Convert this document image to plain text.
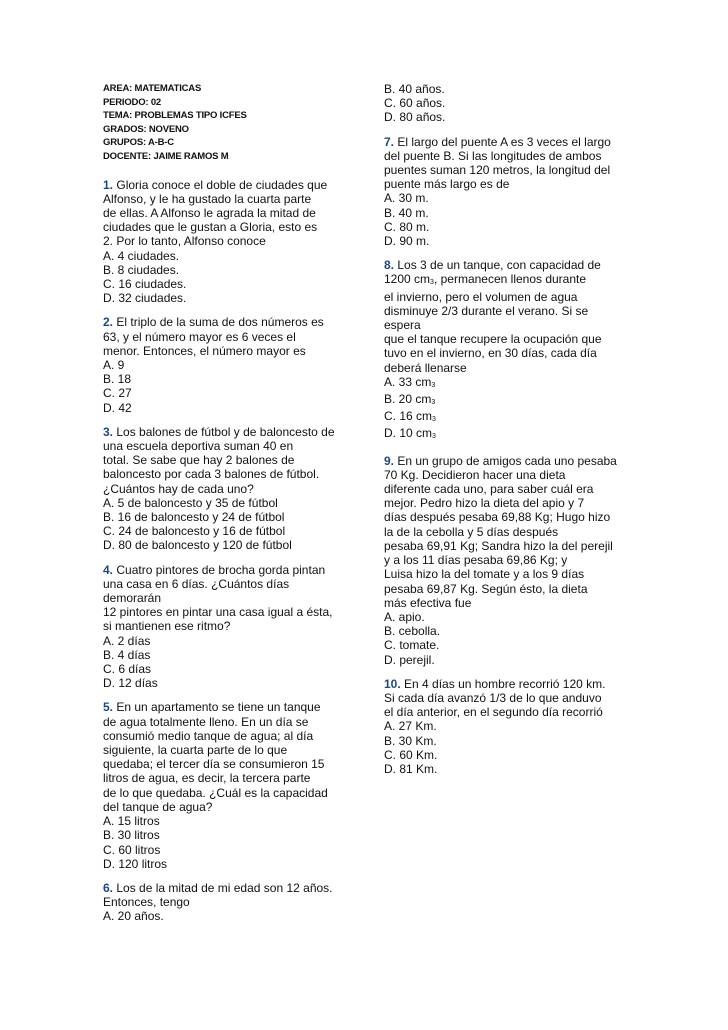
AREA: MATEMATICAS
PERIODO: 02
TEMA: PROBLEMAS TIPO ICFES
GRADOS: NOVENO
GRUPOS: A-B-C
DOCENTE: JAIME RAMOS M
1. Gloria conoce el doble de ciudades que
Alfonso, y le ha gustado la cuarta parte
de ellas. A Alfonso le agrada la mitad de
ciudades que le gustan a Gloria, esto es
2. Por lo tanto, Alfonso conoce
A. 4 ciudades.
B. 8 ciudades.
C. 16 ciudades.
D. 32 ciudades.
2. El triplo de la suma de dos números es
63, y el número mayor es 6 veces el
menor. Entonces, el número mayor es
A. 9
B. 18
C. 27
D. 42
3. Los balones de fútbol y de baloncesto de
una escuela deportiva suman 40 en
total. Se sabe que hay 2 balones de
baloncesto por cada 3 balones de fútbol.
¿Cuántos hay de cada uno?
A. 5 de baloncesto y 35 de fútbol
B. 16 de baloncesto y 24 de fútbol
C. 24 de baloncesto y 16 de fútbol
D. 80 de baloncesto y 120 de fútbol
4. Cuatro pintores de brocha gorda pintan
una casa en 6 días. ¿Cuántos días
demorarán
12 pintores en pintar una casa igual a ésta,
si mantienen ese ritmo?
A. 2 días
B. 4 días
C. 6 días
D. 12 días
5. En un apartamento se tiene un tanque
de agua totalmente lleno. En un día se
consumió medio tanque de agua; al día
siguiente, la cuarta parte de lo que
quedaba; el tercer día se consumieron 15
litros de agua, es decir, la tercera parte
de lo que quedaba. ¿Cuál es la capacidad
del tanque de agua?
A. 15 litros
B. 30 litros
C. 60 litros
D. 120 litros
6. Los de la mitad de mi edad son 12 años.
Entonces, tengo
A. 20 años.
B. 40 años.
C. 60 años.
D. 80 años.
7. El largo del puente A es 3 veces el largo
del puente B. Si las longitudes de ambos
puentes suman 120 metros, la longitud del
puente más largo es de
A. 30 m.
B. 40 m.
C. 80 m.
D. 90 m.
8. Los 3 de un tanque, con capacidad de
1200 $cm_3$, permanecen llenos durante
el invierno, pero el volumen de agua
disminuye 2/3 durante el verano. Si se
espera
que el tanque recupere la ocupación que
tuvo en el invierno, en 30 días, cada día
deberá llenarse
A. 33 $cm_3$
B. 20 $cm_3$
C. 16 $cm_3$
D. 10 $cm_3$
9. En un grupo de amigos cada uno pesaba
70 Kg. Decidieron hacer una dieta
diferente cada uno, para saber cuál era
mejor. Pedro hizo la dieta del apio y 7
días después pesaba 69,88 Kg; Hugo hizo
la de la cebolla y 5 días después
pesaba 69,91 Kg; Sandra hizo la del perejil
y a los 11 días pesaba 69,86 Kg; y
Luisa hizo la del tomate y a los 9 días
pesaba 69,87 Kg. Según ésto, la dieta
más efectiva fue
A. apio.
B. cebolla.
C. tomate.
D. perejil.
10. En 4 días un hombre recorrió 120 km.
Si cada día avanzó 1/3 de lo que anduvo
el día anterior, en el segundo día recorrió
A. 27 Km.
B. 30 Km.
C. 60 Km.
D. 81 Km.
